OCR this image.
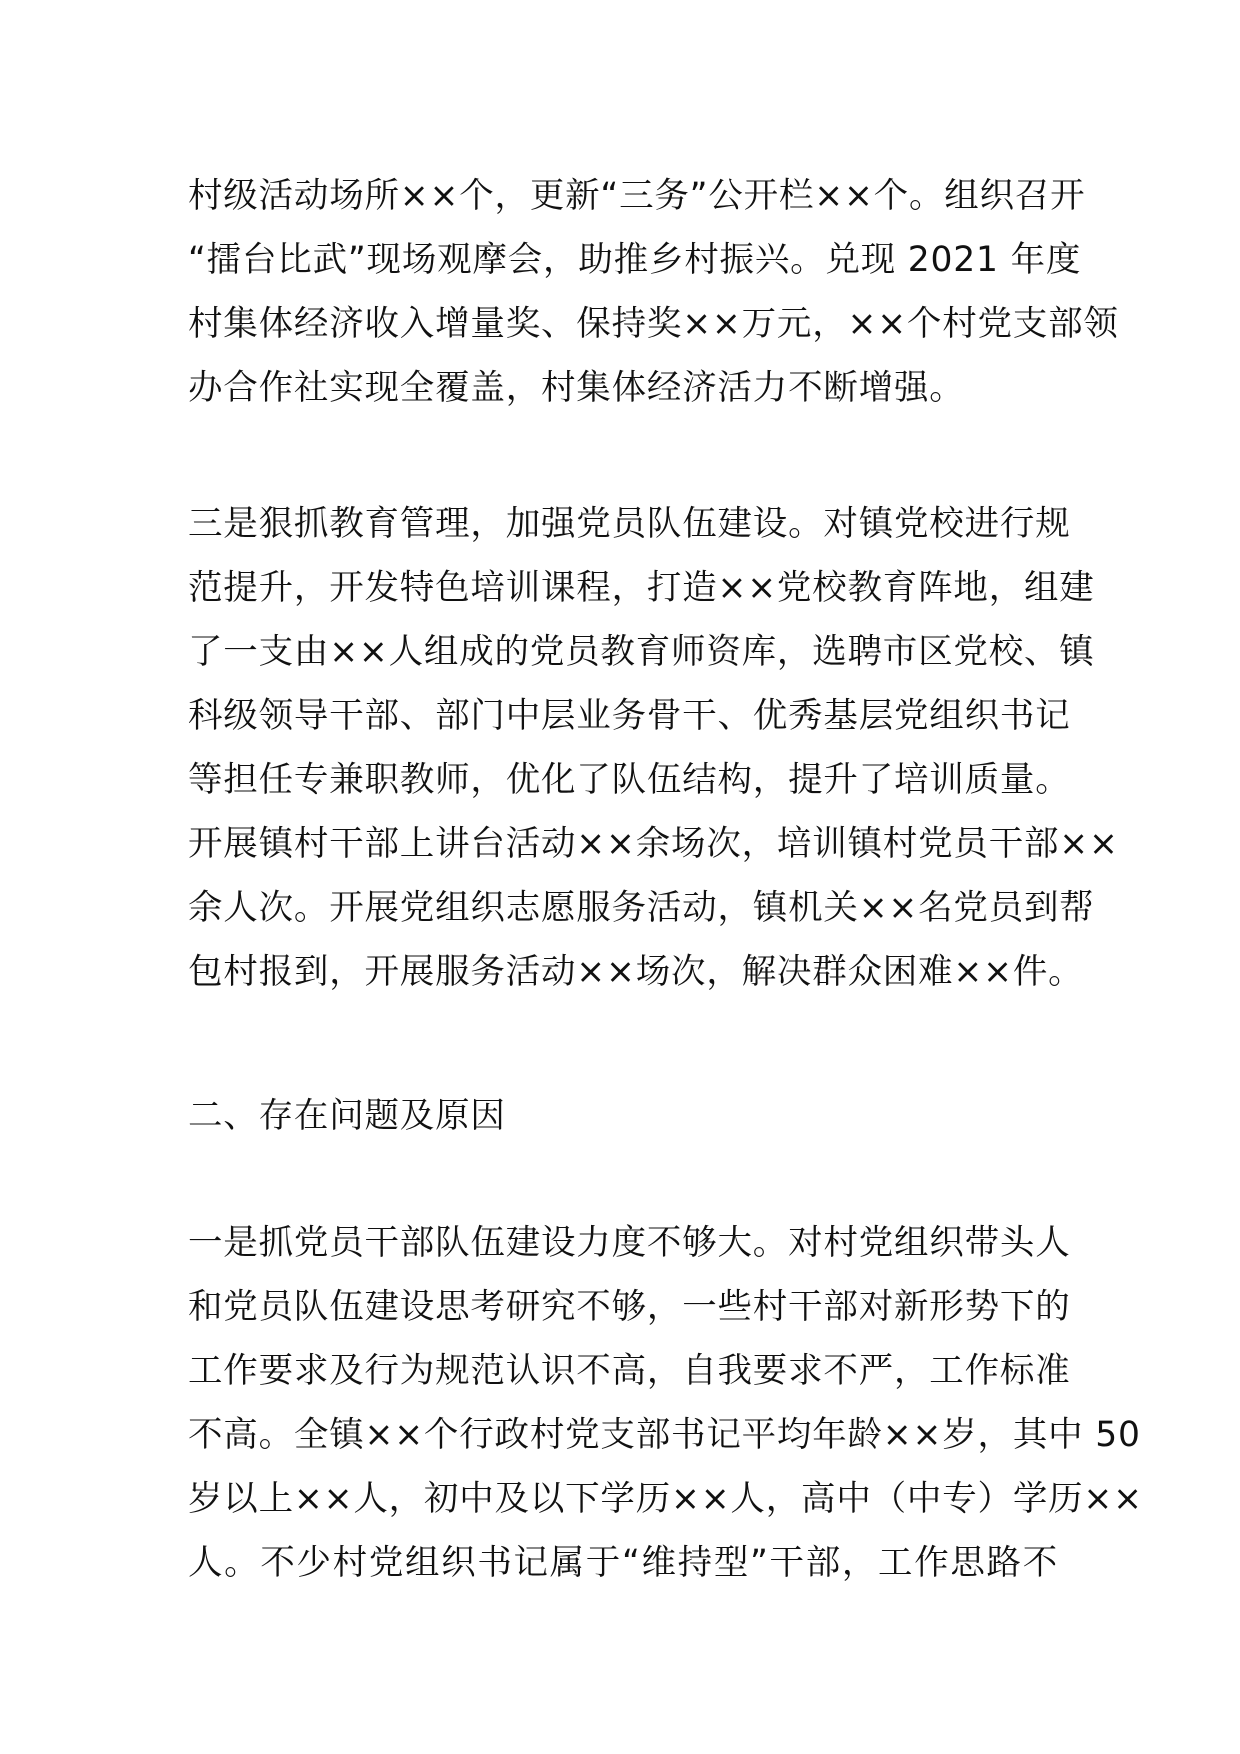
村级活动场所××个，更新“三务”公开栏××个。组织召开
“擂台比武”现场观摩会，助推乡村振兴。兑现 2021 年度
村集体经济收入增量奖、保持奖××万元，××个村党支部领
办合作社实现全覆盖，村集体经济活力不断增强。
三是狠抓教育管理，加强党员队伍建设。对镇党校进行规
范提升，开发特色培训课程，打造××党校教育阵地，组建
了一支由××人组成的党员教育师资库，选聘市区党校、镇
科级领导干部、部门中层业务骨干、优秀基层党组织书记
等担任专兼职教师，优化了队伍结构，提升了培训质量。
开展镇村干部上讲台活动××余场次，培训镇村党员干部××
余人次。开展党组织志愿服务活动，镇机关××名党员到帮
包村报到，开展服务活动××场次，解决群众困难××件。
二、存在问题及原因
一是抓党员干部队伍建设力度不够大。对村党组织带头人
和党员队伍建设思考研究不够，一些村干部对新形势下的
工作要求及行为规范认识不高，自我要求不严，工作标准
不高。全镇××个行政村党支部书记平均年龄××岁，其中 50
岁以上××人，初中及以下学历××人，高中（中专）学历××
人。不少村党组织书记属于“维持型”干部，工作思路不
